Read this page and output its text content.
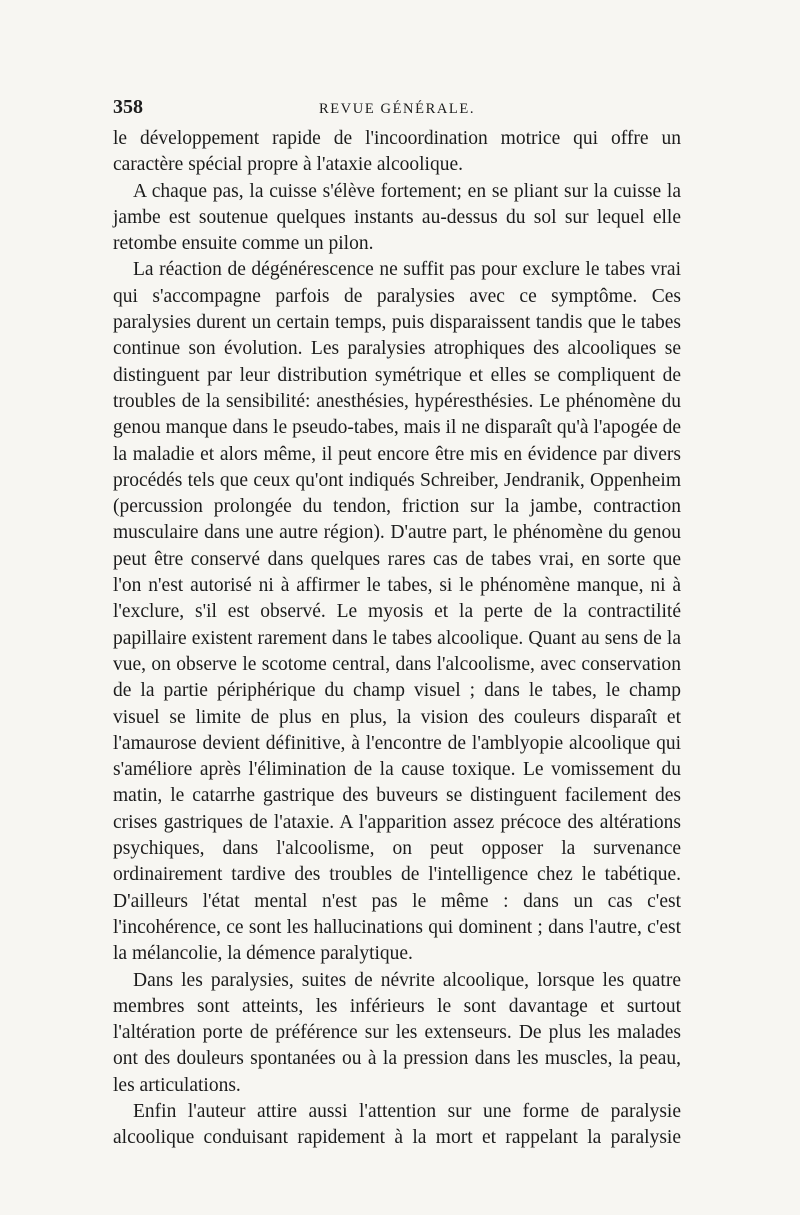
358	REVUE GÉNÉRALE.

le développement rapide de l'incoordination motrice qui offre un caractère spécial propre à l'ataxie alcoolique.

A chaque pas, la cuisse s'élève fortement; en se pliant sur la cuisse la jambe est soutenue quelques instants au-dessus du sol sur lequel elle retombe ensuite comme un pilon.

La réaction de dégénérescence ne suffit pas pour exclure le tabes vrai qui s'accompagne parfois de paralysies avec ce symptôme. Ces paralysies durent un certain temps, puis disparaissent tandis que le tabes continue son évolution. Les paralysies atrophiques des alcooliques se distinguent par leur distribution symétrique et elles se compliquent de troubles de la sensibilité: anesthésies, hypéresthésies. Le phénomène du genou manque dans le pseudo-tabes, mais il ne disparaît qu'à l'apogée de la maladie et alors même, il peut encore être mis en évidence par divers procédés tels que ceux qu'ont indiqués Schreiber, Jendranik, Oppenheim (percussion prolongée du tendon, friction sur la jambe, contraction musculaire dans une autre région). D'autre part, le phénomène du genou peut être conservé dans quelques rares cas de tabes vrai, en sorte que l'on n'est autorisé ni à affirmer le tabes, si le phénomène manque, ni à l'exclure, s'il est observé. Le myosis et la perte de la contractilité papillaire existent rarement dans le tabes alcoolique. Quant au sens de la vue, on observe le scotome central, dans l'alcoolisme, avec conservation de la partie périphérique du champ visuel ; dans le tabes, le champ visuel se limite de plus en plus, la vision des couleurs disparaît et l'amaurose devient définitive, à l'encontre de l'amblyopie alcoolique qui s'améliore après l'élimination de la cause toxique. Le vomissement du matin, le catarrhe gastrique des buveurs se distinguent facilement des crises gastriques de l'ataxie. A l'apparition assez précoce des altérations psychiques, dans l'alcoolisme, on peut opposer la survenance ordinairement tardive des troubles de l'intelligence chez le tabétique. D'ailleurs l'état mental n'est pas le même : dans un cas c'est l'incohérence, ce sont les hallucinations qui dominent ; dans l'autre, c'est la mélancolie, la démence paralytique.

Dans les paralysies, suites de névrite alcoolique, lorsque les quatre membres sont atteints, les inférieurs le sont davantage et surtout l'altération porte de préférence sur les extenseurs. De plus les malades ont des douleurs spontanées ou à la pression dans les muscles, la peau, les articulations.

Enfin l'auteur attire aussi l'attention sur une forme de paralysie alcoolique conduisant rapidement à la mort et rappelant la paralysie
